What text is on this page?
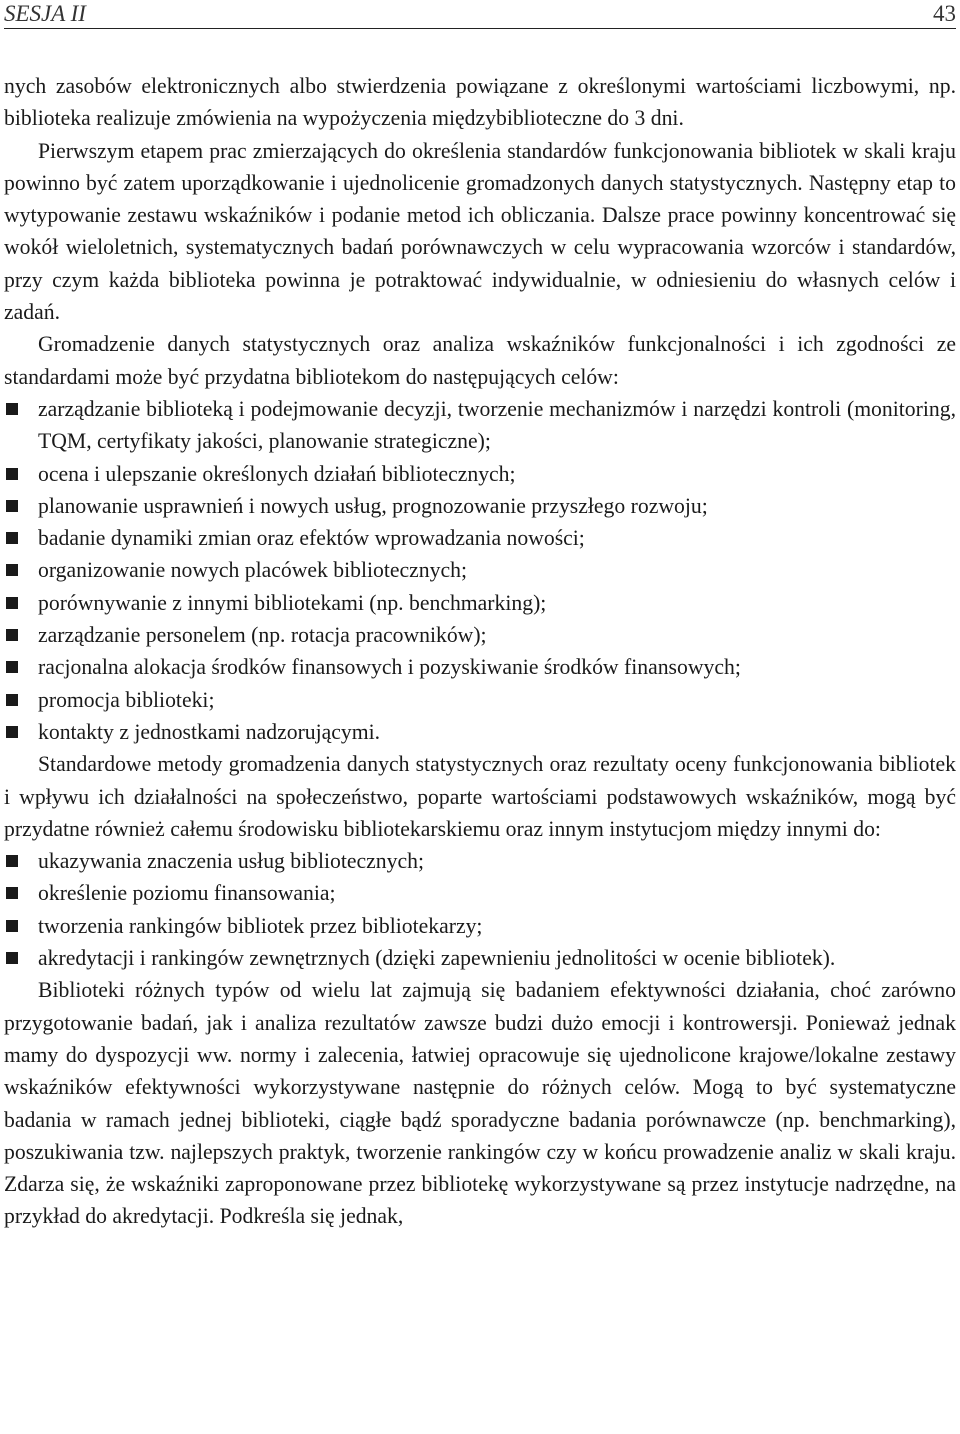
SESJA II	43

nych zasobów elektronicznych albo stwierdzenia powiązane z określonymi wartościami liczbowymi, np. biblioteka realizuje zmówienia na wypożyczenia międzybiblioteczne do 3 dni.

Pierwszym etapem prac zmierzających do określenia standardów funkcjonowania bibliotek w skali kraju powinno być zatem uporządkowanie i ujednolicenie gromadzonych danych statystycznych. Następny etap to wytypowanie zestawu wskaźników i podanie metod ich obliczania. Dalsze prace powinny koncentrować się wokół wieloletnich, systematycznych badań porównawczych w celu wypracowania wzorców i standardów, przy czym każda biblioteka powinna je potraktować indywidualnie, w odniesieniu do własnych celów i zadań.

Gromadzenie danych statystycznych oraz analiza wskaźników funkcjonalności i ich zgodności ze standardami może być przydatna bibliotekom do następujących celów:

zarządzanie biblioteką i podejmowanie decyzji, tworzenie mechanizmów i narzędzi kontroli (monitoring, TQM, certyfikaty jakości, planowanie strategiczne);
ocena i ulepszanie określonych działań bibliotecznych;
planowanie usprawnień i nowych usług, prognozowanie przyszłego rozwoju;
badanie dynamiki zmian oraz efektów wprowadzania nowości;
organizowanie nowych placówek bibliotecznych;
porównywanie z innymi bibliotekami (np. benchmarking);
zarządzanie personelem (np. rotacja pracowników);
racjonalna alokacja środków finansowych i pozyskiwanie środków finansowych;
promocja biblioteki;
kontakty z jednostkami nadzorującymi.

Standardowe metody gromadzenia danych statystycznych oraz rezultaty oceny funkcjonowania bibliotek i wpływu ich działalności na społeczeństwo, poparte wartościami podstawowych wskaźników, mogą być przydatne również całemu środowisku bibliotekarskiemu oraz innym instytucjom między innymi do:

ukazywania znaczenia usług bibliotecznych;
określenie poziomu finansowania;
tworzenia rankingów bibliotek przez bibliotekarzy;
akredytacji i rankingów zewnętrznych (dzięki zapewnieniu jednolitości w ocenie bibliotek).

Biblioteki różnych typów od wielu lat zajmują się badaniem efektywności działania, choć zarówno przygotowanie badań, jak i analiza rezultatów zawsze budzi dużo emocji i kontrowersji. Ponieważ jednak mamy do dyspozycji ww. normy i zalecenia, łatwiej opracowuje się ujednolicone krajowe/lokalne zestawy wskaźników efektywności wykorzystywane następnie do różnych celów. Mogą to być systematyczne badania w ramach jednej biblioteki, ciągłe bądź sporadyczne badania porównawcze (np. benchmarking), poszukiwania tzw. najlepszych praktyk, tworzenie rankingów czy w końcu prowadzenie analiz w skali kraju. Zdarza się, że wskaźniki zaproponowane przez bibliotekę wykorzystywane są przez instytucje nadrzędne, na przykład do akredytacji. Podkreśla się jednak,
